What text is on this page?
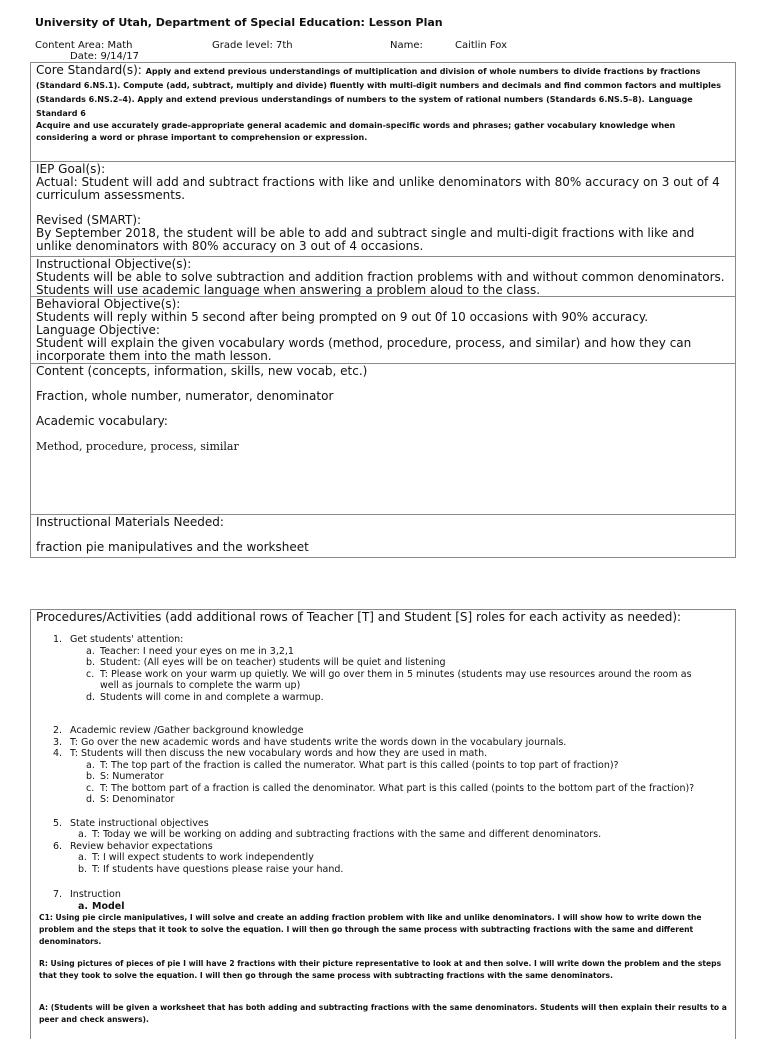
University of Utah, Department of Special Education: Lesson Plan
Content Area: Math	Grade level: 7th	Name:	Caitlin Fox
Date: 9/14/17
Core Standard(s): Apply and extend previous understandings of multiplication and division of whole numbers to divide fractions by fractions (Standard 6.NS.1). Compute (add, subtract, multiply and divide) fluently with multi-digit numbers and decimals and find common factors and multiples (Standards 6.NS.2–4). Apply and extend previous understandings of numbers to the system of rational numbers (Standards 6.NS.5–8). Language Standard 6
Acquire and use accurately grade-appropriate general academic and domain-specific words and phrases; gather vocabulary knowledge when considering a word or phrase important to comprehension or expression.
IEP Goal(s):
Actual: Student will add and subtract fractions with like and unlike denominators with 80% accuracy on 3 out of 4 curriculum assessments.
Revised (SMART):
By September 2018, the student will be able to add and subtract single and multi-digit fractions with like and unlike denominators with 80% accuracy on 3 out of 4 occasions.
Instructional Objective(s):
Students will be able to solve subtraction and addition fraction problems with and without common denominators.
Students will use academic language when answering a problem aloud to the class.
Behavioral Objective(s):
Students will reply within 5 second after being prompted on 9 out 0f 10 occasions with 90% accuracy.
Language Objective:
Student will explain the given vocabulary words (method, procedure, process, and similar) and how they can incorporate them into the math lesson.
Content (concepts, information, skills, new vocab, etc.)
Fraction, whole number, numerator, denominator
Academic vocabulary:
Method, procedure, process, similar
Instructional Materials Needed:
fraction pie manipulatives and the worksheet
Procedures/Activities (add additional rows of Teacher [T] and Student [S] roles for each activity as needed):
1. Get students' attention:
a. Teacher: I need your eyes on me in 3,2,1
b. Student: (All eyes will be on teacher) students will be quiet and listening
c. T: Please work on your warm up quietly. We will go over them in 5 minutes (students may use resources around the room as well as journals to complete the warm up)
d. Students will come in and complete a warmup.
2. Academic review /Gather background knowledge
3. T: Go over the new academic words and have students write the words down in the vocabulary journals.
4. T: Students will then discuss the new vocabulary words and how they are used in math.
a. T: The top part of the fraction is called the numerator. What part is this called (points to top part of fraction)?
b. S: Numerator
c. T: The bottom part of a fraction is called the denominator. What part is this called (points to the bottom part of the fraction)?
d. S: Denominator
5. State instructional objectives
a. T: Today we will be working on adding and subtracting fractions with the same and different denominators.
6. Review behavior expectations
a. T: I will expect students to work independently
b. T: If students have questions please raise your hand.
7. Instruction
a. Model
C1: Using pie circle manipulatives, I will solve and create an adding fraction problem with like and unlike denominators. I will show how to write down the problem and the steps that it took to solve the equation. I will then go through the same process with subtracting fractions with the same and different denominators.
R: Using pictures of pieces of pie I will have 2 fractions with their picture representative to look at and then solve. I will write down the problem and the steps that they took to solve the equation. I will then go through the same process with subtracting fractions with the same denominators.
A: (Students will be given a worksheet that has both adding and subtracting fractions with the same denominators. Students will then explain their results to a peer and check answers).
